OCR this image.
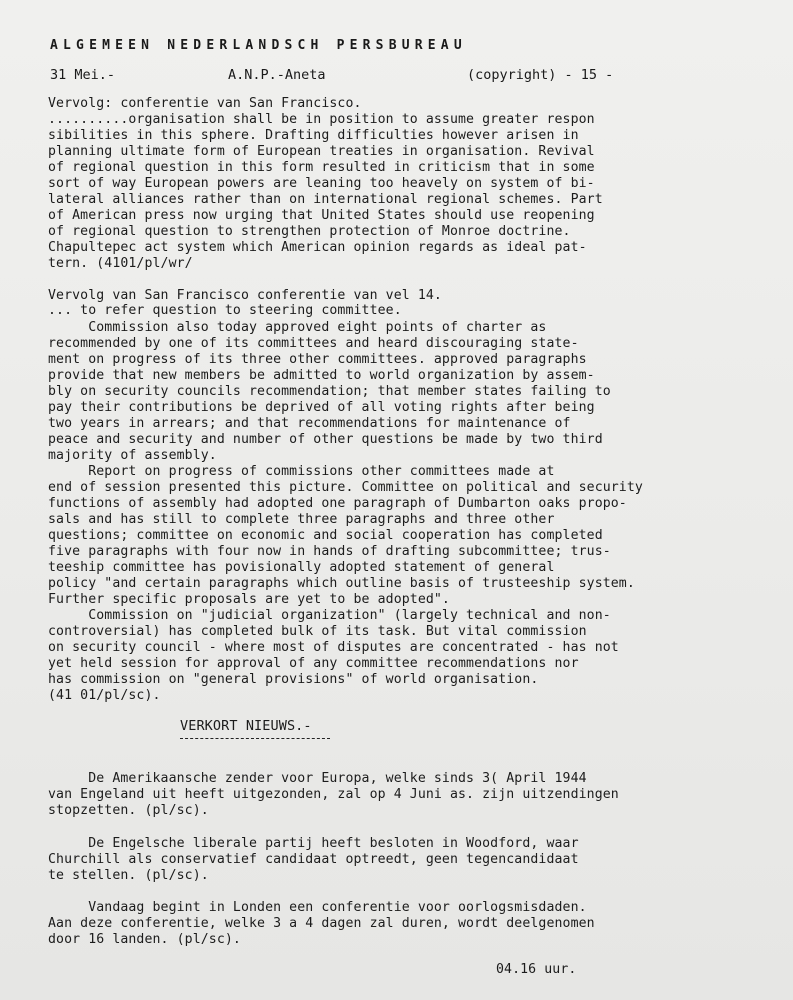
ALGEMEEN NEDERLANDSCH PERSBUREAU
31 Mei.-	A.N.P.-Aneta	(copyright) - 15 -
Vervolg: conferentie van San Francisco.
..........organisation shall be in position to assume greater respon
sibilities in this sphere. Drafting difficulties however arisen in
planning ultimate form of European treaties in organisation. Revival
of regional question in this form resulted in criticism that in some
sort of way European powers are leaning too heavely on system of bi-
lateral alliances rather than on international regional schemes. Part
of American press now urging that United States should use reopening
of regional question to strengthen protection of Monroe doctrine.
Chapultepec act system which American opinion regards as ideal pat-
tern. (4101/pl/wr/
Vervolg van San Francisco conferentie van vel 14.
... to refer question to steering committee.
Commission also today approved eight points of charter as
recommended by one of its committees and heard discouraging state-
ment on progress of its three other committees. approved paragraphs
provide that new members be admitted to world organization by assem-
bly on security councils recommendation; that member states failing to
pay their contributions be deprived of all voting rights after being
two years in arrears; and that recommendations for maintenance of
peace and security and number of other questions be made by two third
majority of assembly.
Report on progress of commissions other committees made at
end of session presented this picture. Committee on political and security
functions of assembly had adopted one paragraph of Dumbarton oaks propo-
sals and has still to complete three paragraphs and three other
questions; committee on economic and social cooperation has completed
five paragraphs with four now in hands of drafting subcommittee; trus-
teeship committee has povisionally adopted statement of general
policy "and certain paragraphs which outline basis of trusteeship system.
Further specific proposals are yet to be adopted".
Commission on "judicial organization" (largely technical and non-
controversial) has completed bulk of its task. But vital commission
on security council - where most of disputes are concentrated - has not
yet held session for approval of any committee recommendations nor
has commission on "general provisions" of world organisation.
(41 01/pl/sc).
VERKORT NIEUWS.-
De Amerikaansche zender voor Europa, welke sinds 3( April 1944
van Engeland uit heeft uitgezonden, zal op 4 Juni as. zijn uitzendingen
stopzetten. (pl/sc).
De Engelsche liberale partij heeft besloten in Woodford, waar
Churchill als conservatief candidaat optreedt, geen tegencandidaat
te stellen. (pl/sc).
Vandaag begint in Londen een conferentie voor oorlogsmisdaden.
Aan deze conferentie, welke 3 a 4 dagen zal duren, wordt deelgenomen
door 16 landen. (pl/sc).
04.16 uur.
